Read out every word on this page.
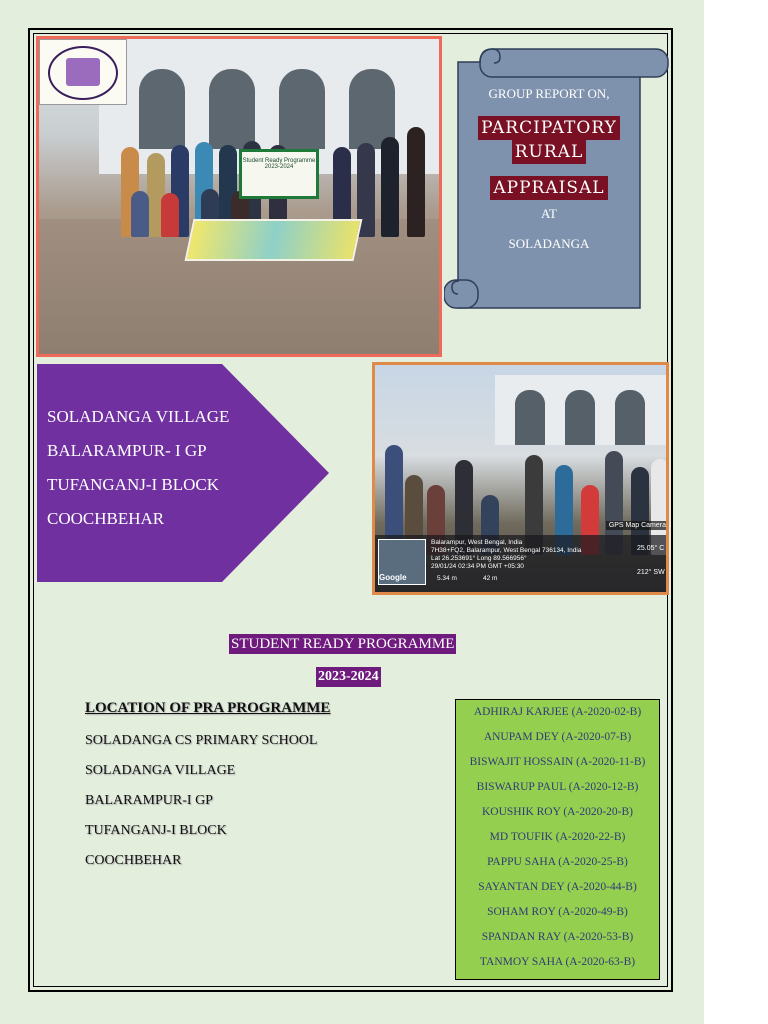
Student Ready Programme 2023-2024
GROUP REPORT ON,
PARCIPATORY
RURAL
APPRAISAL
AT
SOLADANGA
SOLADANGA VILLAGE
BALARAMPUR- I GP
TUFANGANJ-I BLOCK
COOCHBEHAR	GPS Map Camera
Google
Balarampur, West Bengal, India
7H38+FQ2, Balarampur, West Bengal 736134, India
Lat 26.253691° Long 89.566956°
29/01/24 02:34 PM GMT +05:30
5.34 m	42 m
25.05° C
212° SW
STUDENT READY PROGRAMME
2023-2024
LOCATION OF PRA PROGRAMME
SOLADANGA CS PRIMARY SCHOOL
SOLADANGA VILLAGE
BALARAMPUR-I GP
TUFANGANJ-I BLOCK
COOCHBEHAR
ADHIRAJ KARJEE (A-2020-02-B)
ANUPAM DEY (A-2020-07-B)
BISWAJIT HOSSAIN (A-2020-11-B)
BISWARUP PAUL (A-2020-12-B)
KOUSHIK ROY (A-2020-20-B)
MD TOUFIK (A-2020-22-B)
PAPPU SAHA (A-2020-25-B)
SAYANTAN DEY (A-2020-44-B)
SOHAM ROY (A-2020-49-B)
SPANDAN RAY (A-2020-53-B)
TANMOY SAHA (A-2020-63-B)
